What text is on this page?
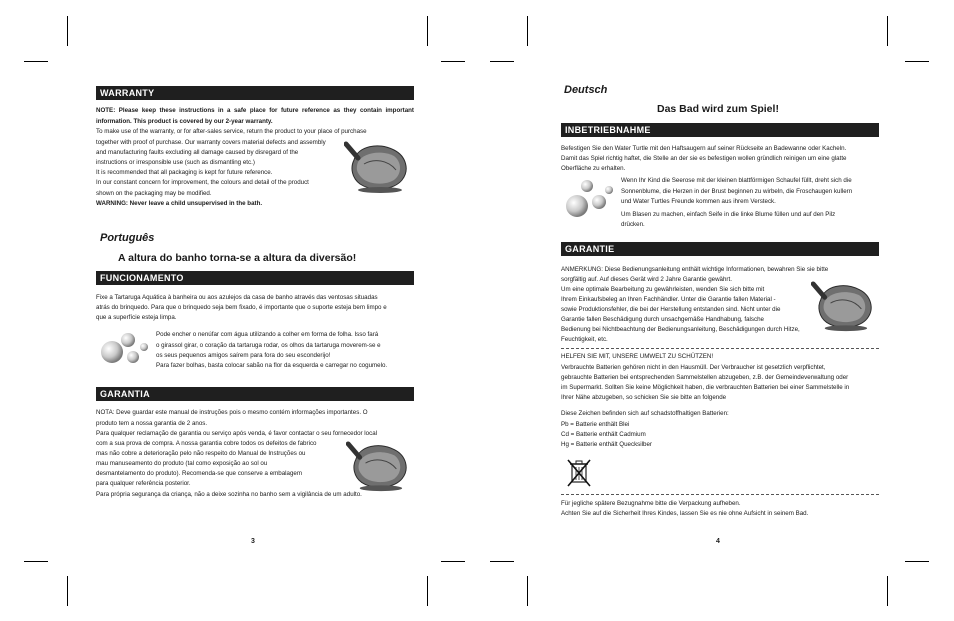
WARRANTY
NOTE: Please keep these instructions in a safe place for future reference as they contain important information. This product is covered by our 2-year warranty.
To make use of the warranty, or for after-sales service, return the product to your place of purchase
together with proof of purchase. Our warranty covers material defects and assembly
and manufacturing faults excluding all damage caused by disregard of the
instructions or irresponsible use (such as dismantling etc.)
It is recommended that all packaging is kept for future reference.
In our constant concern for improvement, the colours and detail of the product
shown on the packaging may be modified.
WARNING: Never leave a child unsupervised in the bath.
Português
A altura do banho torna-se a altura da diversão!
FUNCIONAMENTO
Fixe a Tartaruga Aquática à banheira ou aos azulejos da casa de banho através das ventosas situadas
atrás do brinquedo. Para que o brinquedo seja bem fixado, é importante que o suporte esteja bem limpo e
que a superfície esteja limpa.
Pode encher o nenúfar com água utilizando a colher em forma de folha. Isso fará
o girassol girar, o coração da tartaruga rodar, os olhos da tartaruga moverem-se e
os seus pequenos amigos saírem para fora do seu esconderijo!
Para fazer bolhas, basta colocar sabão na flor da esquerda e carregar no cogumelo.
GARANTIA
NOTA: Deve guardar este manual de instruções pois o mesmo contém informações importantes. O
produto tem a nossa garantia de 2 anos.
Para qualquer reclamação de garantia ou serviço após venda, é favor contactar o seu fornecedor local
com a sua prova de compra. A nossa garantia cobre todos os defeitos de fabrico
mas não cobre a deterioração pelo não respeito do Manual de Instruções ou
mau manuseamento do produto (tal como exposição ao sol ou
desmantelamento do produto). Recomenda-se que conserve a embalagem
para qualquer referência posterior.
Para própria segurança da criança, não a deixe sozinha no banho sem a vigilância de um adulto.
3
Deutsch
Das Bad wird zum Spiel!
INBETRIEBNAHME
Befestigen Sie den Water Turtle mit den Haftsaugern auf seiner Rückseite an Badewanne oder Kacheln.
Damit das Spiel richtig haftet, die Stelle an der sie es befestigen wollen gründlich reinigen um eine glatte
Oberfläche zu erhalten.
Wenn Ihr Kind die Seerose mit der kleinen blattförmigen Schaufel füllt, dreht sich die
Sonnenblume, die Herzen in der Brust beginnen zu wirbeln, die Froschaugen kullern
und Water Turtles Freunde kommen aus ihrem Versteck.
Um Blasen zu machen, einfach Seife in die linke Blume füllen und auf den Pilz
drücken.
GARANTIE
ANMERKUNG: Diese Bedienungsanleitung enthält wichtige Informationen, bewahren Sie sie bitte
sorgfältig auf. Auf dieses Gerät wird 2 Jahre Garantie gewährt.
Um eine optimale Bearbeitung zu gewährleisten, wenden Sie sich bitte mit
Ihrem Einkaufsbeleg an Ihren Fachhändler. Unter die Garantie fallen Material -
sowie Produktionsfehler, die bei der Herstellung entstanden sind. Nicht unter die
Garantie fallen Beschädigung durch unsachgemäße Handhabung, falsche
Bedienung bei Nichtbeachtung der Bedienungsanleitung, Beschädigungen durch Hitze,
Feuchtigkeit, etc.
HELFEN SIE MIT, UNSERE UMWELT ZU SCHÜTZEN!
Verbrauchte Batterien gehören nicht in den Hausmüll. Der Verbraucher ist gesetzlich verpflichtet,
gebrauchte Batterien bei entsprechenden Sammelstellen abzugeben, z.B. der Gemeindeverwaltung oder
im Supermarkt. Sollten Sie keine Möglichkeit haben, die verbrauchten Batterien bei einer Sammelstelle in
Ihrer Nähe abzugeben, so schicken Sie sie bitte an folgende
Diese Zeichen befinden sich auf schadstoffhaltigen Batterien:
Pb = Batterie enthält Blei
Cd = Batterie enthält Cadmium
Hg = Batterie enthält Quecksilber
Für jegliche spätere Bezugnahme bitte die Verpackung aufheben.
Achten Sie auf die Sicherheit Ihres Kindes, lassen Sie es nie ohne Aufsicht in seinem Bad.
4
